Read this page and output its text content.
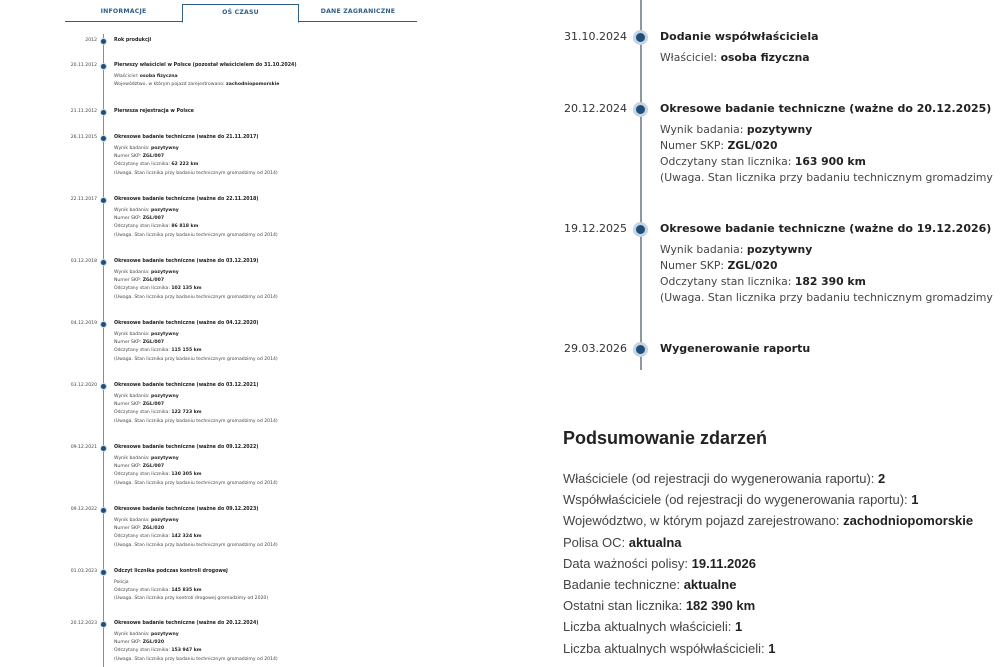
INFORMACJE	OŚ CZASU	DANE ZAGRANICZNE
2012	Rok produkcji
20.11.2012	Pierwszy właściciel w Polsce (pozostał właścicielem do 31.10.2024)
Właściciel: osoba fizyczna
Województwo, w którym pojazd zarejestrowano: zachodniopomorskie
21.11.2012	Pierwsza rejestracja w Polsce
26.11.2015	Okresowe badanie techniczne (ważne do 21.11.2017)
Wynik badania: pozytywny
Numer SKP: ZGL/007
Odczytany stan licznika: 62 222 km
(Uwaga. Stan licznika przy badaniu technicznym gromadzimy od 2014)
22.11.2017	Okresowe badanie techniczne (ważne do 22.11.2018)
Wynik badania: pozytywny
Numer SKP: ZGL/007
Odczytany stan licznika: 86 818 km
(Uwaga. Stan licznika przy badaniu technicznym gromadzimy od 2014)
03.12.2018	Okresowe badanie techniczne (ważne do 03.12.2019)
Wynik badania: pozytywny
Numer SKP: ZGL/007
Odczytany stan licznika: 102 135 km
(Uwaga. Stan licznika przy badaniu technicznym gromadzimy od 2014)
04.12.2019	Okresowe badanie techniczne (ważne do 04.12.2020)
Wynik badania: pozytywny
Numer SKP: ZGL/007
Odczytany stan licznika: 115 155 km
(Uwaga. Stan licznika przy badaniu technicznym gromadzimy od 2014)
03.12.2020	Okresowe badanie techniczne (ważne do 03.12.2021)
Wynik badania: pozytywny
Numer SKP: ZGL/007
Odczytany stan licznika: 122 723 km
(Uwaga. Stan licznika przy badaniu technicznym gromadzimy od 2014)
09.12.2021	Okresowe badanie techniczne (ważne do 09.12.2022)
Wynik badania: pozytywny
Numer SKP: ZGL/007
Odczytany stan licznika: 130 305 km
(Uwaga. Stan licznika przy badaniu technicznym gromadzimy od 2014)
09.12.2022	Okresowe badanie techniczne (ważne do 09.12.2023)
Wynik badania: pozytywny
Numer SKP: ZGL/020
Odczytany stan licznika: 142 324 km
(Uwaga. Stan licznika przy badaniu technicznym gromadzimy od 2014)
01.03.2023	Odczyt licznika podczas kontroli drogowej
Policja
Odczytany stan licznika: 145 835 km
(Uwaga. Stan licznika przy kontroli drogowej gromadzimy od 2020)
20.12.2023	Okresowe badanie techniczne (ważne do 20.12.2024)
Wynik badania: pozytywny
Numer SKP: ZGL/020
Odczytany stan licznika: 153 947 km
(Uwaga. Stan licznika przy badaniu technicznym gromadzimy od 2014)
31.10.2024	Dodanie współwłaściciela
Właściciel: osoba fizyczna
20.12.2024	Okresowe badanie techniczne (ważne do 20.12.2025)
Wynik badania: pozytywny
Numer SKP: ZGL/020
Odczytany stan licznika: 163 900 km
(Uwaga. Stan licznika przy badaniu technicznym gromadzimy
19.12.2025	Okresowe badanie techniczne (ważne do 19.12.2026)
Wynik badania: pozytywny
Numer SKP: ZGL/020
Odczytany stan licznika: 182 390 km
(Uwaga. Stan licznika przy badaniu technicznym gromadzimy
29.03.2026	Wygenerowanie raportu
Podsumowanie zdarzeń
Właściciele (od rejestracji do wygenerowania raportu): 2
Współwłaściciele (od rejestracji do wygenerowania raportu): 1
Województwo, w którym pojazd zarejestrowano: zachodniopomorskie
Polisa OC: aktualna
Data ważności polisy: 19.11.2026
Badanie techniczne: aktualne
Ostatni stan licznika: 182 390 km
Liczba aktualnych właścicieli: 1
Liczba aktualnych współwłaścicieli: 1
